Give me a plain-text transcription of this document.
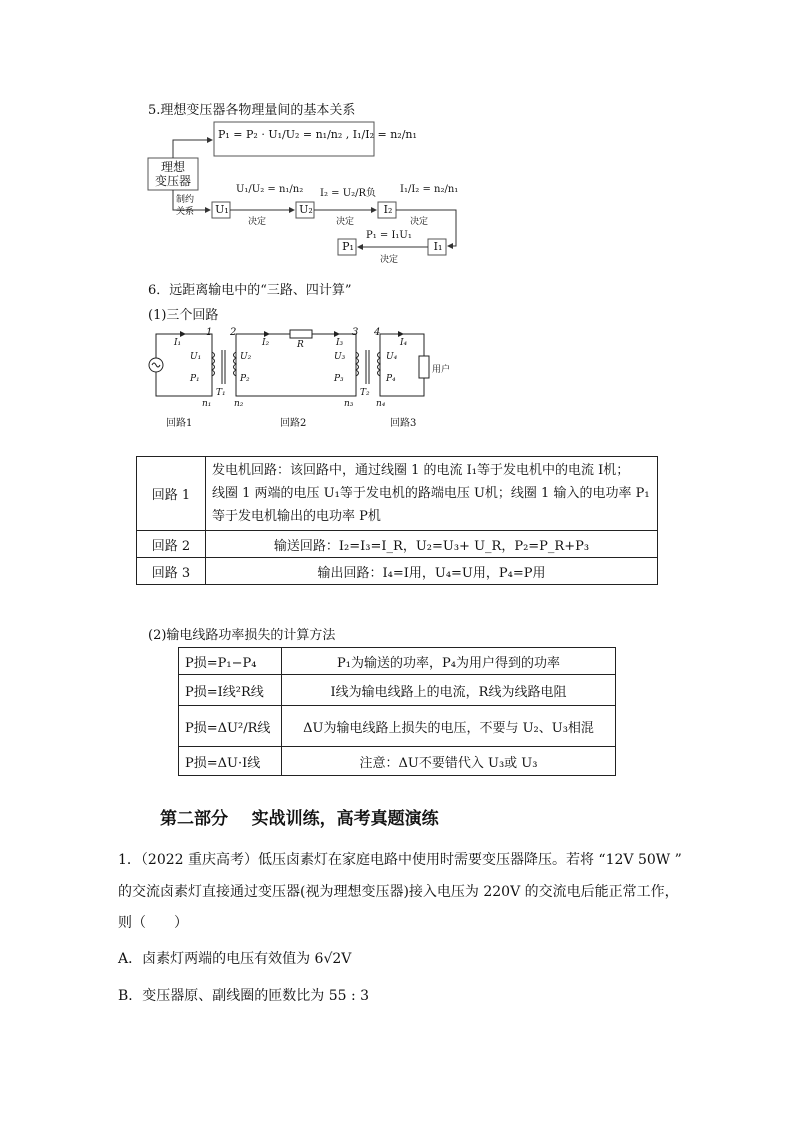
5.理想变压器各物理量间的基本关系
P₁ = P₂ · U₁/U₂ = n₁/n₂ , I₁/I₂ = n₂/n₁
理想
变压器
制约
关系 U₁	U₂	I₂
I₁
P₁
U₁/U₂ = n₁/n₂
决定
I₂ = U₂/R负
决定
I₁/I₂ = n₂/n₁
决定
P₁ = I₁U₁
决定
6．远距离输电中的“三路、四计算”
(1)三个回路
1 2	3 4
I₁
U₁
P₁
n₁
T₁
I₂
U₂
P₂
n₂
R	I₃
U₃
P₃
n₃
T₂
I₄
U₄
P₄
n₄
用户
回路1	回路2	回路3
回路 1	发电机回路：该回路中，通过线圈 1 的电流 I₁等于发电机中的电流 I机；
线圈 1 两端的电压 U₁等于发电机的路端电压 U机；线圈 1 输入的电功率 P₁
等于发电机输出的电功率 P机

回路 2	输送回路：I₂=I₃=I_R，U₂=U₃+ U_R，P₂=P_R+P₃
回路 3	输出回路：I₄=I用，U₄=U用，P₄=P用
(2)输电线路功率损失的计算方法
P损=P₁−P₄	P₁为输送的功率，P₄为用户得到的功率
P损=I线²R线	I线为输电线路上的电流，R线为线路电阻
P损=ΔU²/R线	ΔU为输电线路上损失的电压，不要与 U₂、U₃相混
P损=ΔU·I线	注意：ΔU不要错代入 U₃或 U₃
第二部分    实战训练，高考真题演练
1．（2022 重庆高考）低压卤素灯在家庭电路中使用时需要变压器降压。若将 “12V 50W ”
的交流卤素灯直接通过变压器(视为理想变压器)接入电压为 220V 的交流电后能正常工作，
则（　　）
A．卤素灯两端的电压有效值为 6√2V
B．变压器原、副线圈的匝数比为 55 : 3
